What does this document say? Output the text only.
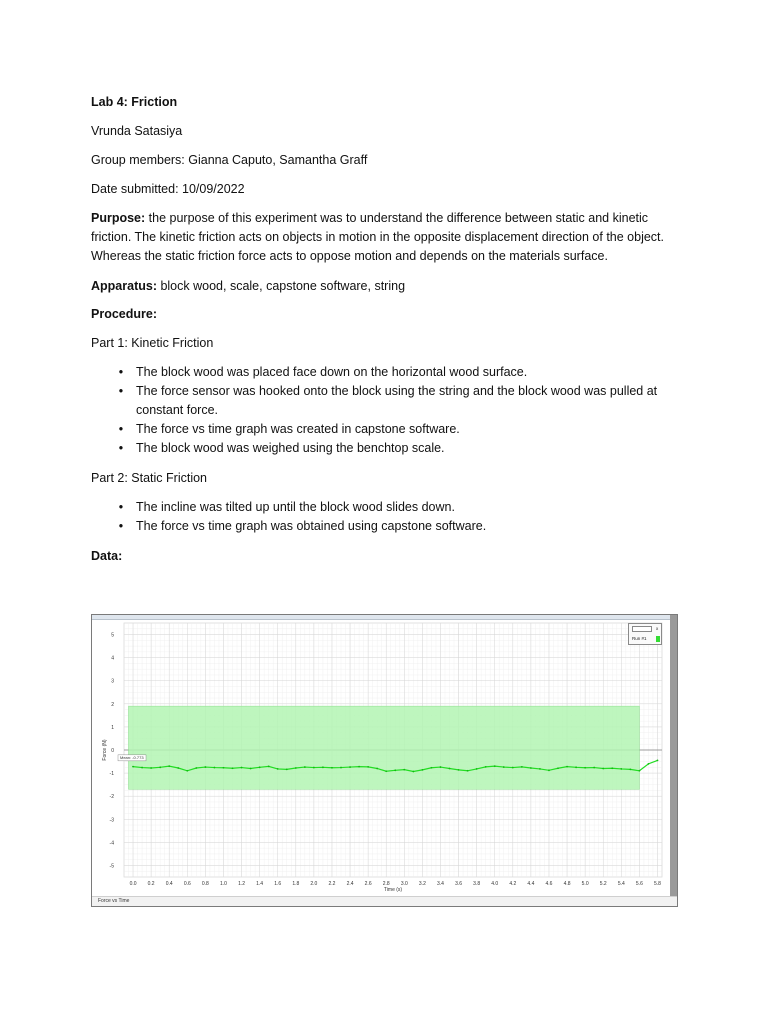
Lab 4: Friction

Vrunda Satasiya

Group members: Gianna Caputo, Samantha Graff

Date submitted: 10/09/2022

Purpose: the purpose of this experiment was to understand the difference between static and kinetic friction. The kinetic friction acts on objects in motion in the opposite displacement direction of the object. Whereas the static friction force acts to oppose motion and depends on the materials surface.

Apparatus: block wood, scale, capstone software, string

Procedure:

Part 1: Kinetic Friction

• The block wood was placed face down on the horizontal wood surface.
• The force sensor was hooked onto the block using the string and the block wood was pulled at constant force.
• The force vs time graph was created in capstone software.
• The block wood was weighed using the benchtop scale.

Part 2: Static Friction

• The incline was tilted up until the block wood slides down.
• The force vs time graph was obtained using capstone software.

Data:

0.0 0.2 0.4 0.6 0.8 1.0 1.2 1.4 1.6 1.8 2.0 2.2 2.4 2.6 2.8 3.0 3.2 3.4 3.6 3.8 4.0 4.2 4.4 4.6 4.8 5.0 5.2 5.4 5.6 5.8
5
4
3
2
1
0
-1
-2
-3
-4
-5
Mean: -0.773
Time (s)
Force (N)
x
Run #1
Force vs Time
